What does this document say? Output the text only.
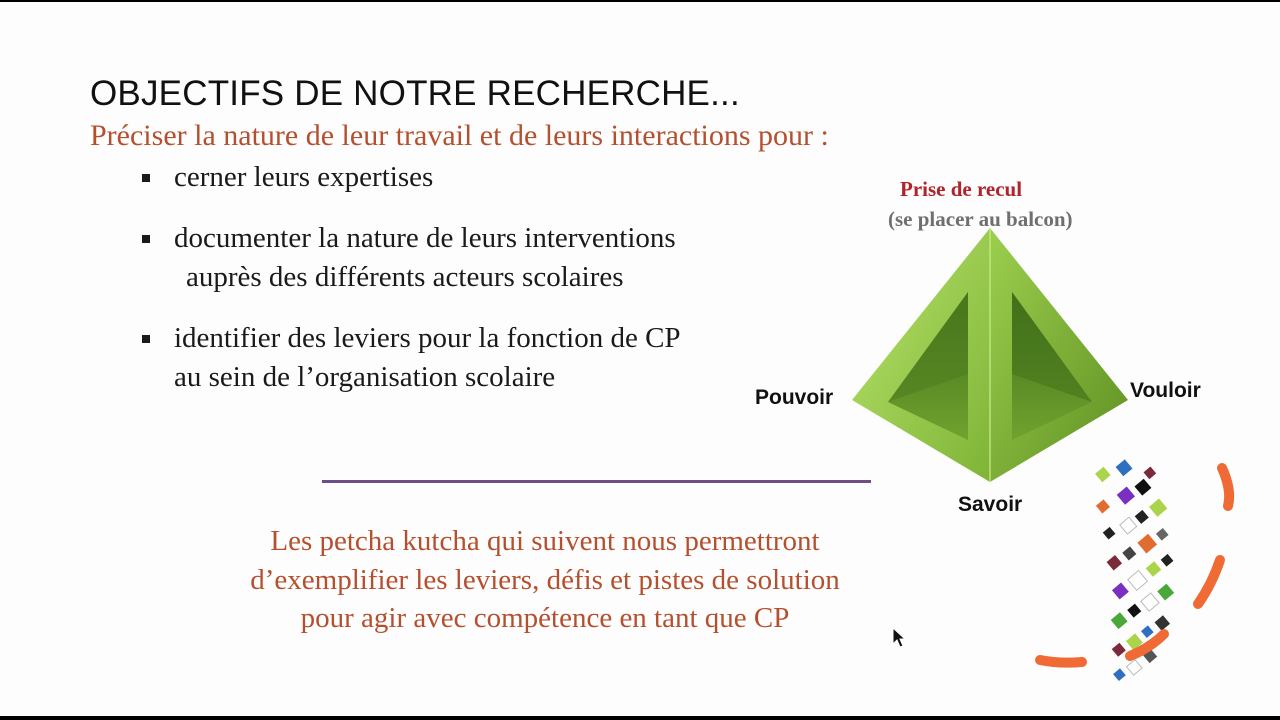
OBJECTIFS DE NOTRE RECHERCHE...
Préciser la nature de leur travail et de leurs interactions pour :
cerner leurs expertises
documenter la nature de leurs interventions
auprès des différents acteurs scolaires
identifier des leviers pour la fonction de CP
au sein de l’organisation scolaire
Les petcha kutcha qui suivent nous permettront
d’exemplifier les leviers, défis et pistes de solution
pour agir avec compétence en tant que CP
Prise de recul
(se placer au balcon)
Pouvoir	Vouloir
Savoir
